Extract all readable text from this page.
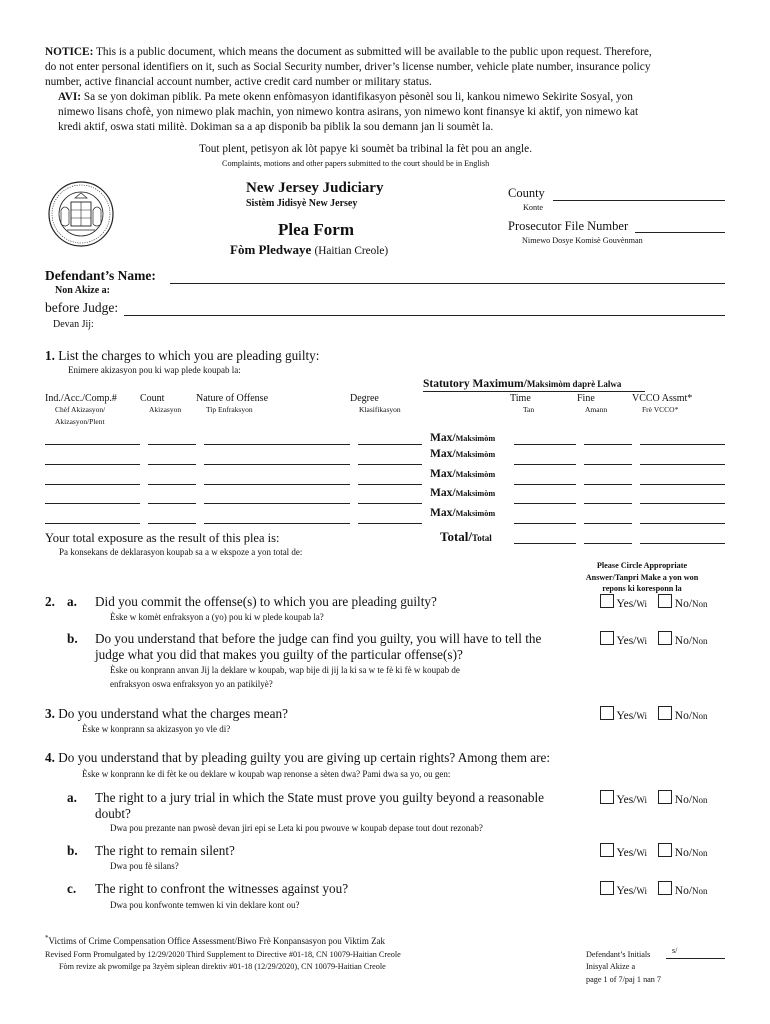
NOTICE: This is a public document, which means the document as submitted will be available to the public upon request. Therefore,
do not enter personal identifiers on it, such as Social Security number, driver’s license number, vehicle plate number, insurance policy
number, active financial account number, active credit card number or military status.
AVI: Sa se yon dokiman piblik. Pa mete okenn enfòmasyon idantifikasyon pèsonèl sou li, kankou nimewo Sekirite Sosyal, yon
nimewo lisans chofè, yon nimewo plak machin, yon nimewo kontra asirans, yon nimewo kont finansye ki aktif, yon nimewo kat
kredi aktif, oswa stati militè. Dokiman sa a ap disponib ba piblik la sou demann jan li soumèt la.
Tout plent, petisyon ak lòt papye ki soumèt ba tribinal la fèt pou an angle.
Complaints, motions and other papers submitted to the court should be in English
New Jersey Judiciary
Sistèm Jidisyè New Jersey
Plea Form
Fòm Pledwaye (Haitian Creole)
County
Konte
Prosecutor File Number
Nimewo Dosye Komisè Gouvènman
Defendant’s Name:
Non Akize a:
before Judge:
Devan Jij:
1. List the charges to which you are pleading guilty:
Enimere akizasyon pou ki wap plede koupab la:
Statutory Maximum/Maksimòm daprè Lalwa
Ind./Acc./Comp.#
Chèf Akizasyon/
Akizasyon/Plent
Count
Akizasyon
Nature of Offense
Tip Enfraksyon
Degree
Klasifikasyon
Time
Tan
Fine
Amann
VCCO Assmt*
Frè VCCO*
Max/Maksimòm
Max/Maksimòm
Max/Maksimòm
Max/Maksimòm
Max/Maksimòm
Your total exposure as the result of this plea is:
Pa konsekans de deklarasyon koupab sa a w ekspoze a yon total de:
Total/Total
Please Circle Appropriate
Answer/Tanpri Make a yon won
repons ki koresponn la
2. a. Did you commit the offense(s) to which you are pleading guilty?
Èske w komèt enfraksyon a (yo) pou ki w plede koupab la?
b. Do you understand that before the judge can find you guilty, you will have to tell the
judge what you did that makes you guilty of the particular offense(s)?
Èske ou konprann anvan Jij la deklare w koupab, wap bije di jij la ki sa w te fè ki fè w koupab de
enfraksyon oswa enfraksyon yo an patikilyè?
3. Do you understand what the charges mean?
Èske w konprann sa akizasyon yo vle di?
4. Do you understand that by pleading guilty you are giving up certain rights? Among them are:
Èske w konprann ke di fèt ke ou deklare w koupab wap renonse a sèten dwa? Pami dwa sa yo, ou gen:
a. The right to a jury trial in which the State must prove you guilty beyond a reasonable
doubt?
Dwa pou prezante nan pwosè devan jiri epi se Leta ki pou pwouve w koupab depase tout dout rezonab?
b. The right to remain silent?
Dwa pou fè silans?
c. The right to confront the witnesses against you?
Dwa pou konfwonte temwen ki vin deklare kont ou?
Yes/Wi No/Non
Yes/Wi No/Non
Yes/Wi No/Non
Yes/Wi No/Non
Yes/Wi No/Non
Yes/Wi No/Non
*Victims of Crime Compensation Office Assessment/Biwo Frè Konpansasyon pou Viktim Zak
Revised Form Promulgated by 12/29/2020 Third Supplement to Directive #01-18, CN 10079-Haitian Creole
Fòm revize ak pwomilge pa 3zyèm siplean direktiv #01-18 (12/29/2020), CN 10079-Haitian Creole
Defendant’s Initials	s/
Inisyal Akize a
page 1 of 7/paj 1 nan 7
